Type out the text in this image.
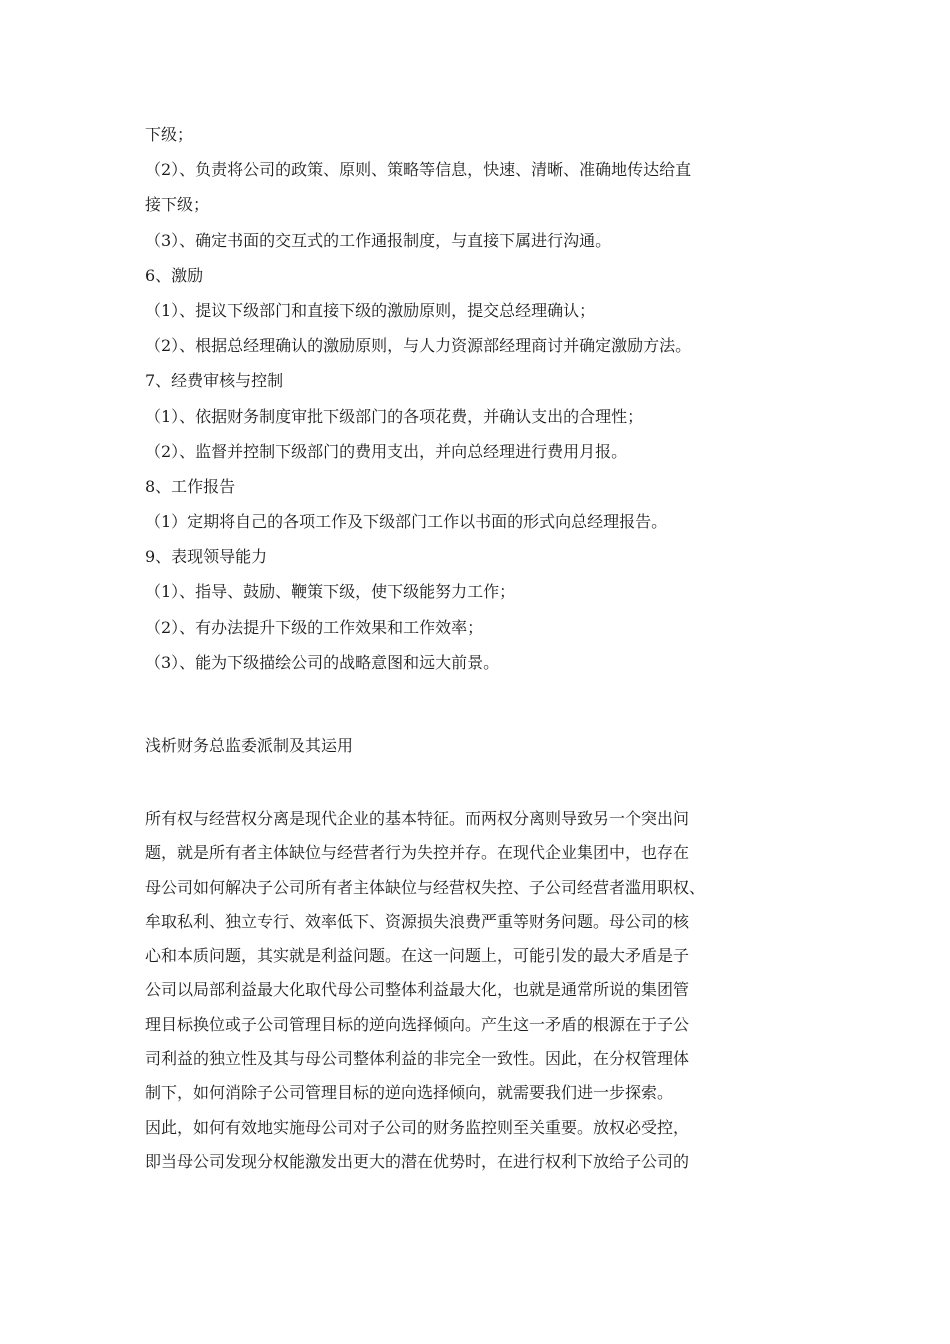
下级；
（2）、负责将公司的政策、原则、策略等信息，快速、清晰、准确地传达给直
接下级；
（3）、确定书面的交互式的工作通报制度，与直接下属进行沟通。
6、激励
（1）、提议下级部门和直接下级的激励原则，提交总经理确认；
（2）、根据总经理确认的激励原则，与人力资源部经理商讨并确定激励方法。
7、经费审核与控制
（1）、依据财务制度审批下级部门的各项花费，并确认支出的合理性；
（2）、监督并控制下级部门的费用支出，并向总经理进行费用月报。
8、工作报告
（1）定期将自己的各项工作及下级部门工作以书面的形式向总经理报告。
9、表现领导能力
（1）、指导、鼓励、鞭策下级，使下级能努力工作；
（2）、有办法提升下级的工作效果和工作效率；
（3）、能为下级描绘公司的战略意图和远大前景。
浅析财务总监委派制及其运用
所有权与经营权分离是现代企业的基本特征。而两权分离则导致另一个突出问
题，就是所有者主体缺位与经营者行为失控并存。在现代企业集团中，也存在
母公司如何解决子公司所有者主体缺位与经营权失控、子公司经营者滥用职权、
牟取私利、独立专行、效率低下、资源损失浪费严重等财务问题。母公司的核
心和本质问题，其实就是利益问题。在这一问题上，可能引发的最大矛盾是子
公司以局部利益最大化取代母公司整体利益最大化，也就是通常所说的集团管
理目标换位或子公司管理目标的逆向选择倾向。产生这一矛盾的根源在于子公
司利益的独立性及其与母公司整体利益的非完全一致性。因此，在分权管理体
制下，如何消除子公司管理目标的逆向选择倾向，就需要我们进一步探索。
因此，如何有效地实施母公司对子公司的财务监控则至关重要。放权必受控，
即当母公司发现分权能激发出更大的潜在优势时，在进行权利下放给子公司的
